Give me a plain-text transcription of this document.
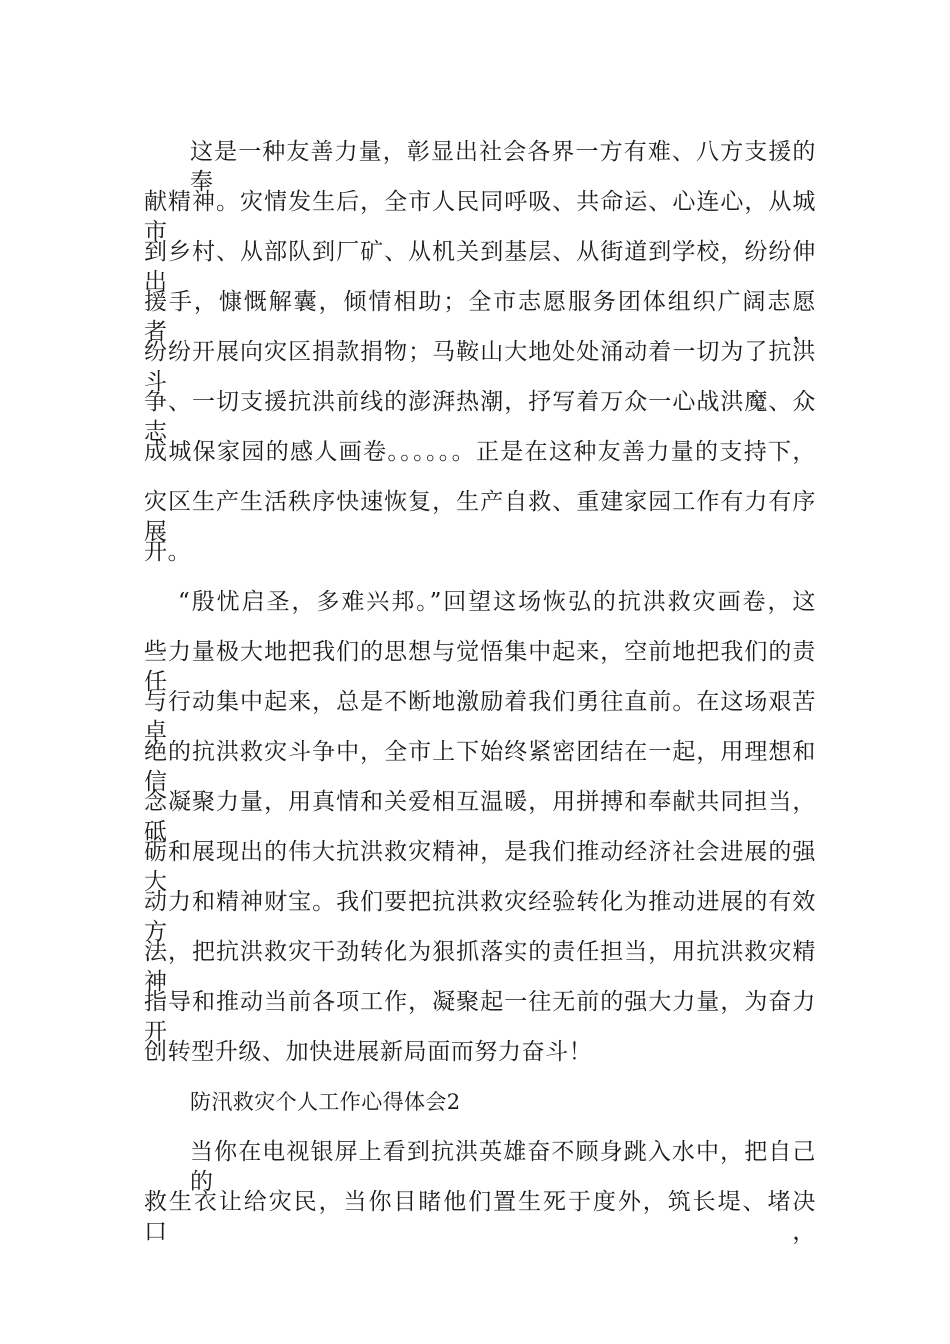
这是一种友善力量，彰显出社会各界一方有难、八方支援的奉
献精神。灾情发生后，全市人民同呼吸、共命运、心连心，从城市
到乡村、从部队到厂矿、从机关到基层、从街道到学校，纷纷伸出
援手，慷慨解囊，倾情相助；全市志愿服务团体组织广阔志愿者，
纷纷开展向灾区捐款捐物；马鞍山大地处处涌动着一切为了抗洪斗
争、一切支援抗洪前线的澎湃热潮，抒写着万众一心战洪魔、众志
成城保家园的感人画卷。。。。。。正是在这种友善力量的支持下，
灾区生产生活秩序快速恢复，生产自救、重建家园工作有力有序展
开。
“殷忧启圣，多难兴邦。”回望这场恢弘的抗洪救灾画卷，这
些力量极大地把我们的思想与觉悟集中起来，空前地把我们的责任
与行动集中起来，总是不断地激励着我们勇往直前。在这场艰苦卓
绝的抗洪救灾斗争中，全市上下始终紧密团结在一起，用理想和信
念凝聚力量，用真情和关爱相互温暖，用拼搏和奉献共同担当，砥
砺和展现出的伟大抗洪救灾精神，是我们推动经济社会进展的强大
动力和精神财宝。我们要把抗洪救灾经验转化为推动进展的有效方
法，把抗洪救灾干劲转化为狠抓落实的责任担当，用抗洪救灾精神
指导和推动当前各项工作，凝聚起一往无前的强大力量，为奋力开
创转型升级、加快进展新局面而努力奋斗！
防汛救灾个人工作心得体会2
当你在电视银屏上看到抗洪英雄奋不顾身跳入水中，把自己的
救生衣让给灾民，当你目睹他们置生死于度外，筑长堤、堵决口，
